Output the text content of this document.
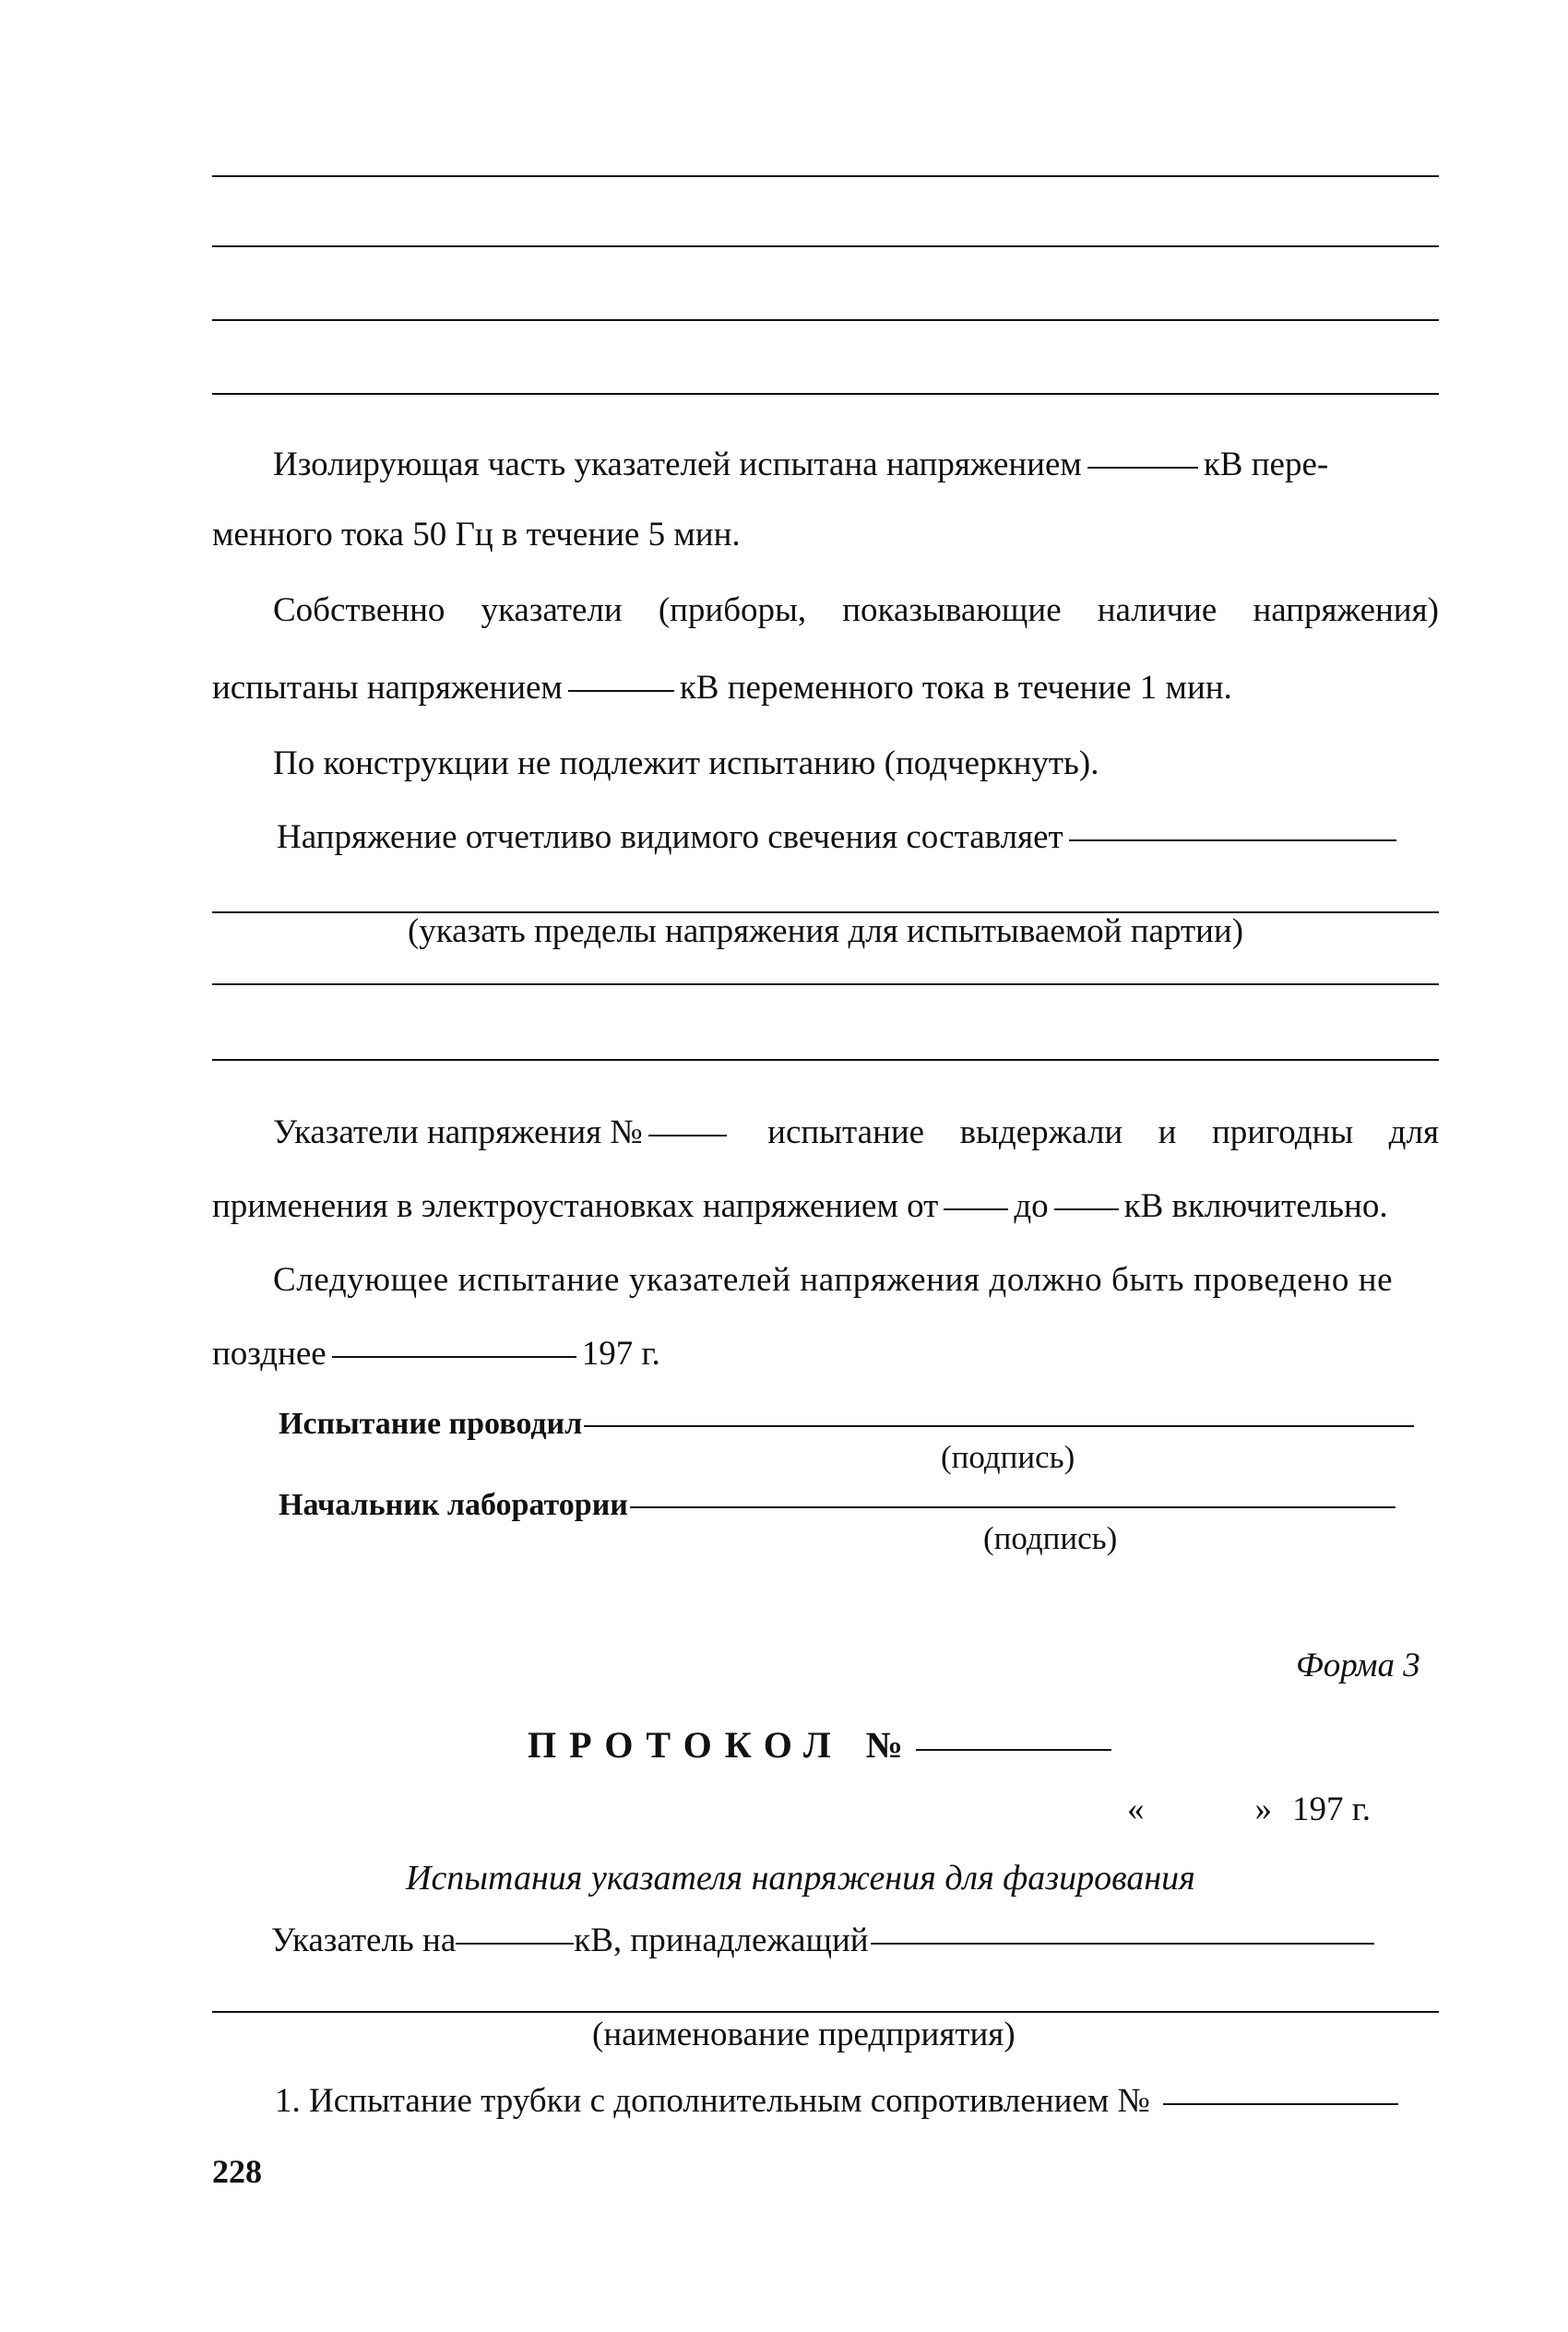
Изолирующая часть указателей испытана напряжением	кВ пере-
менного тока 50 Гц в течение 5 мин.
Собственно указатели (приборы, показывающие наличие напряжения)
испытаны напряжением	кВ переменного тока в течение 1 мин.
По конструкции не подлежит испытанию (подчеркнуть).
Напряжение отчетливо видимого свечения составляет
(указать пределы напряжения для испытываемой партии)
Указатели напряжения №	испытание выдержали и пригодны для
применения в электроустановках напряжением от до кВ включительно.
Следующее испытание указателей напряжения должно быть проведено не
позднее	197 г.
Испытание проводил
(подпись)
Начальник лаборатории
(подпись)
Форма 3
ПРОТОКОЛ №
«	» 197 г.
Испытания указателя напряжения для фазирования
Указатель на	кВ, принадлежащий
(наименование предприятия)
1. Испытание трубки с дополнительным сопротивлением №
228
